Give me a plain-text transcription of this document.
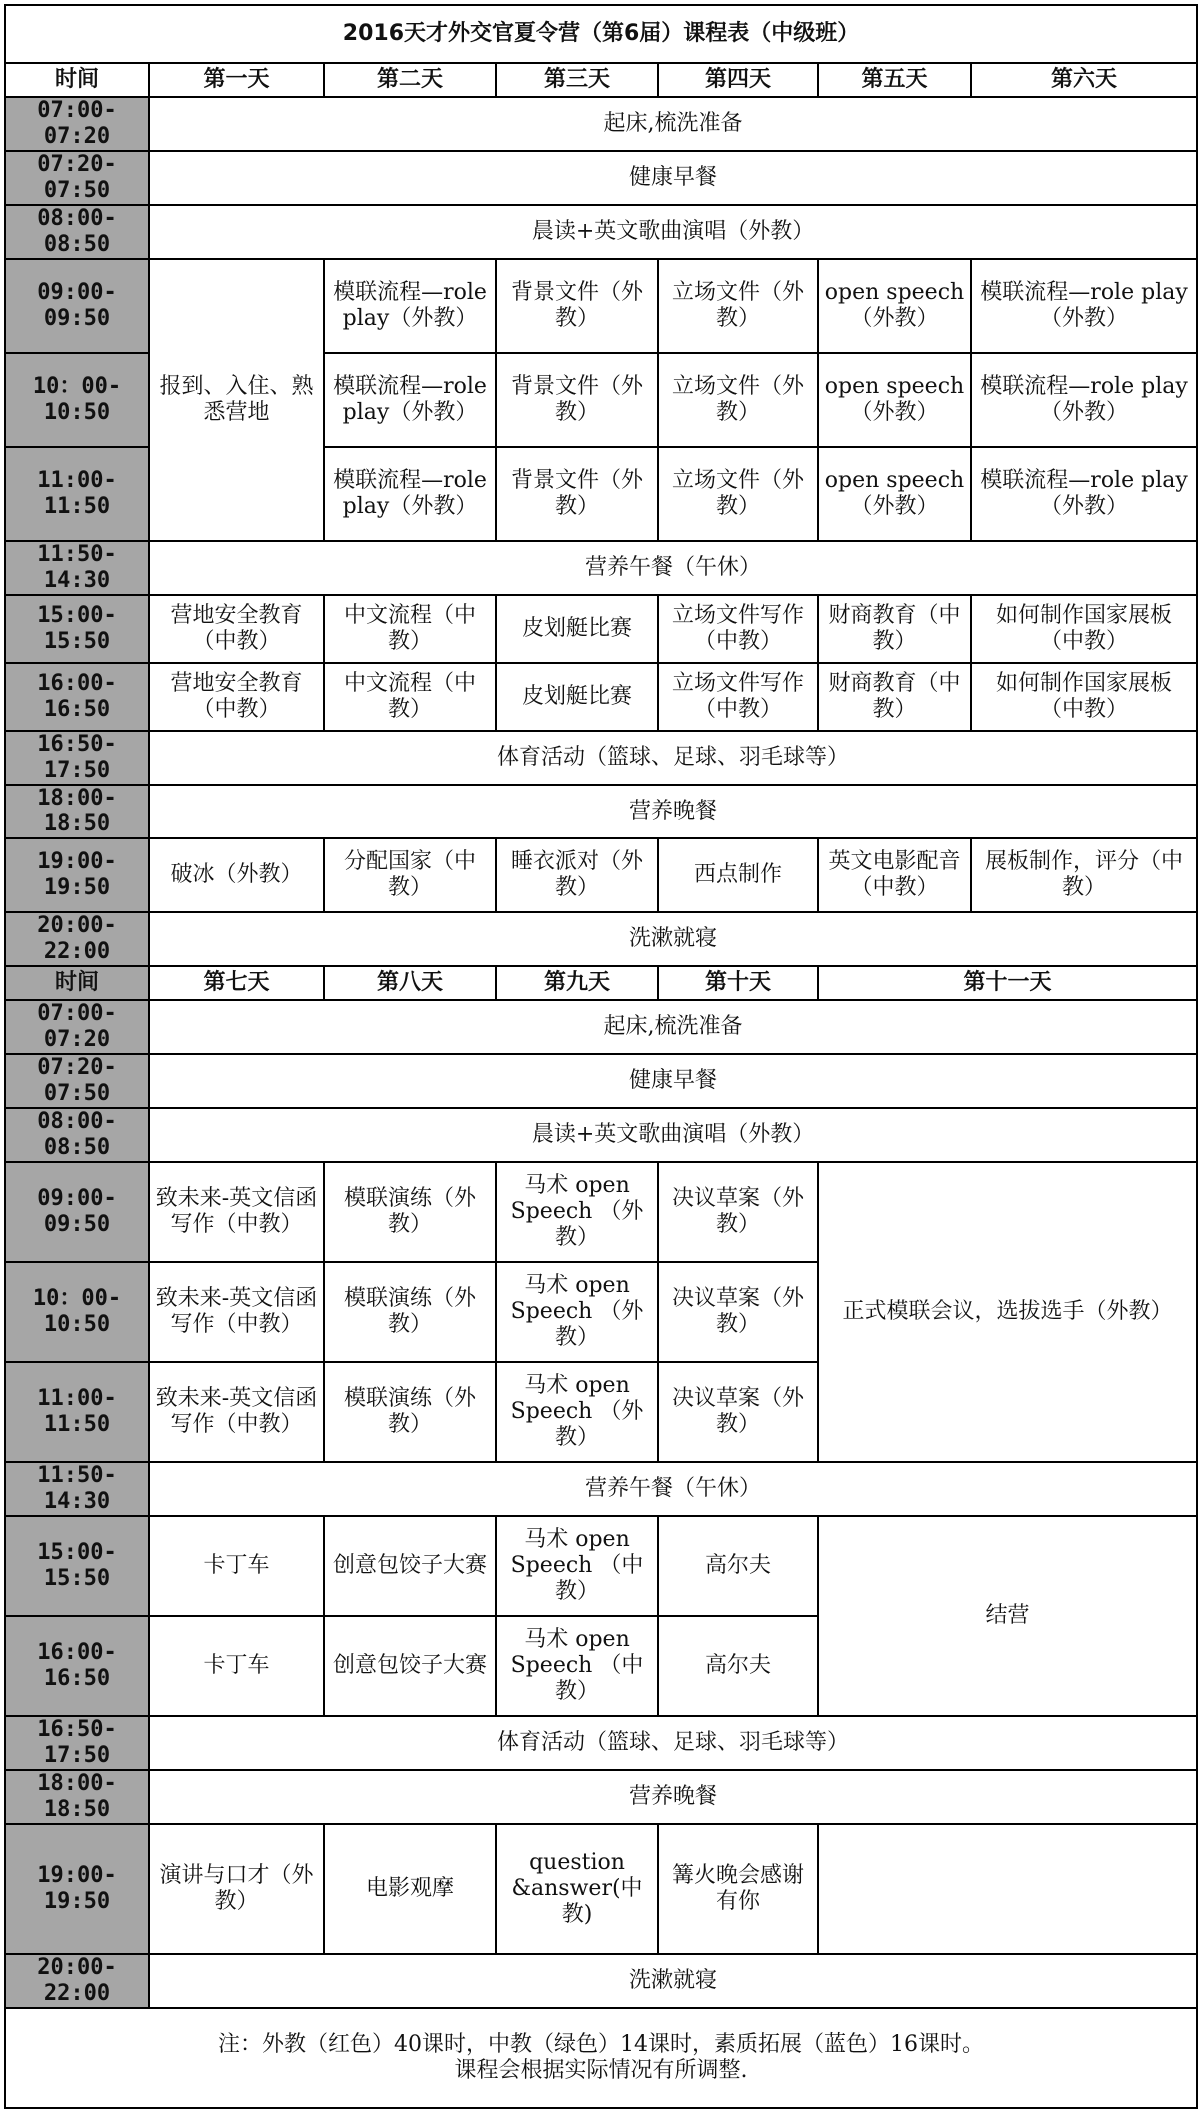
2016天才外交官夏令营（第6届）课程表（中级班）						
时间	第一天	第二天	第三天	第四天	第五天	第六天
07:00-07:20	起床,梳洗准备					
07:20-07:50	健康早餐					
08:00-08:50	晨读+英文歌曲演唱（外教）					
09:00-09:50	报到、入住、熟悉营地	模联流程—role play（外教）	背景文件（外教）	立场文件（外教）	open speech（外教）	模联流程—role play（外教）
10：00-10:50		模联流程—role play（外教）	背景文件（外教）	立场文件（外教）	open speech（外教）	模联流程—role play（外教）
11:00-11:50		模联流程—role play（外教）	背景文件（外教）	立场文件（外教）	open speech（外教）	模联流程—role play（外教）
11:50-14:30	营养午餐（午休）					
15:00-15:50	营地安全教育（中教）	中文流程（中教）	皮划艇比赛	立场文件写作（中教）	财商教育（中教）	如何制作国家展板（中教）
16:00-16:50	营地安全教育（中教）	中文流程（中教）	皮划艇比赛	立场文件写作（中教）	财商教育（中教）	如何制作国家展板（中教）
16:50-17:50	体育活动（篮球、足球、羽毛球等）					
18:00-18:50	营养晚餐					
19:00-19:50	破冰（外教）	分配国家（中教）	睡衣派对（外教）	西点制作	英文电影配音（中教）	展板制作，评分（中教）
20:00-22:00	洗漱就寝					
时间	第七天	第八天	第九天	第十天	第十一天	
07:00-07:20	起床,梳洗准备					
07:20-07:50	健康早餐					
08:00-08:50	晨读+英文歌曲演唱（外教）					
09:00-09:50	致未来-英文信函写作（中教）	模联演练（外教）	马术 open Speech （外教）	决议草案（外教）	正式模联会议，选拔选手（外教）	
10：00-10:50	致未来-英文信函写作（中教）	模联演练（外教）	马术 open Speech （外教）	决议草案（外教）		
11:00-11:50	致未来-英文信函写作（中教）	模联演练（外教）	马术 open Speech （外教）	决议草案（外教）		
11:50-14:30	营养午餐（午休）					
15:00-15:50	卡丁车	创意包饺子大赛	马术 open Speech （中教）	高尔夫	结营	
16:00-16:50	卡丁车	创意包饺子大赛	马术 open Speech （中教）	高尔夫		
16:50-17:50	体育活动（篮球、足球、羽毛球等）					
18:00-18:50	营养晚餐					
19:00-19:50	演讲与口才（外教）	电影观摩	question &answer(中教)	篝火晚会感谢有你		
20:00-22:00	洗漱就寝					

注：外教（红色）40课时，中教（绿色）14课时，素质拓展（蓝色）16课时。
课程会根据实际情况有所调整.						
